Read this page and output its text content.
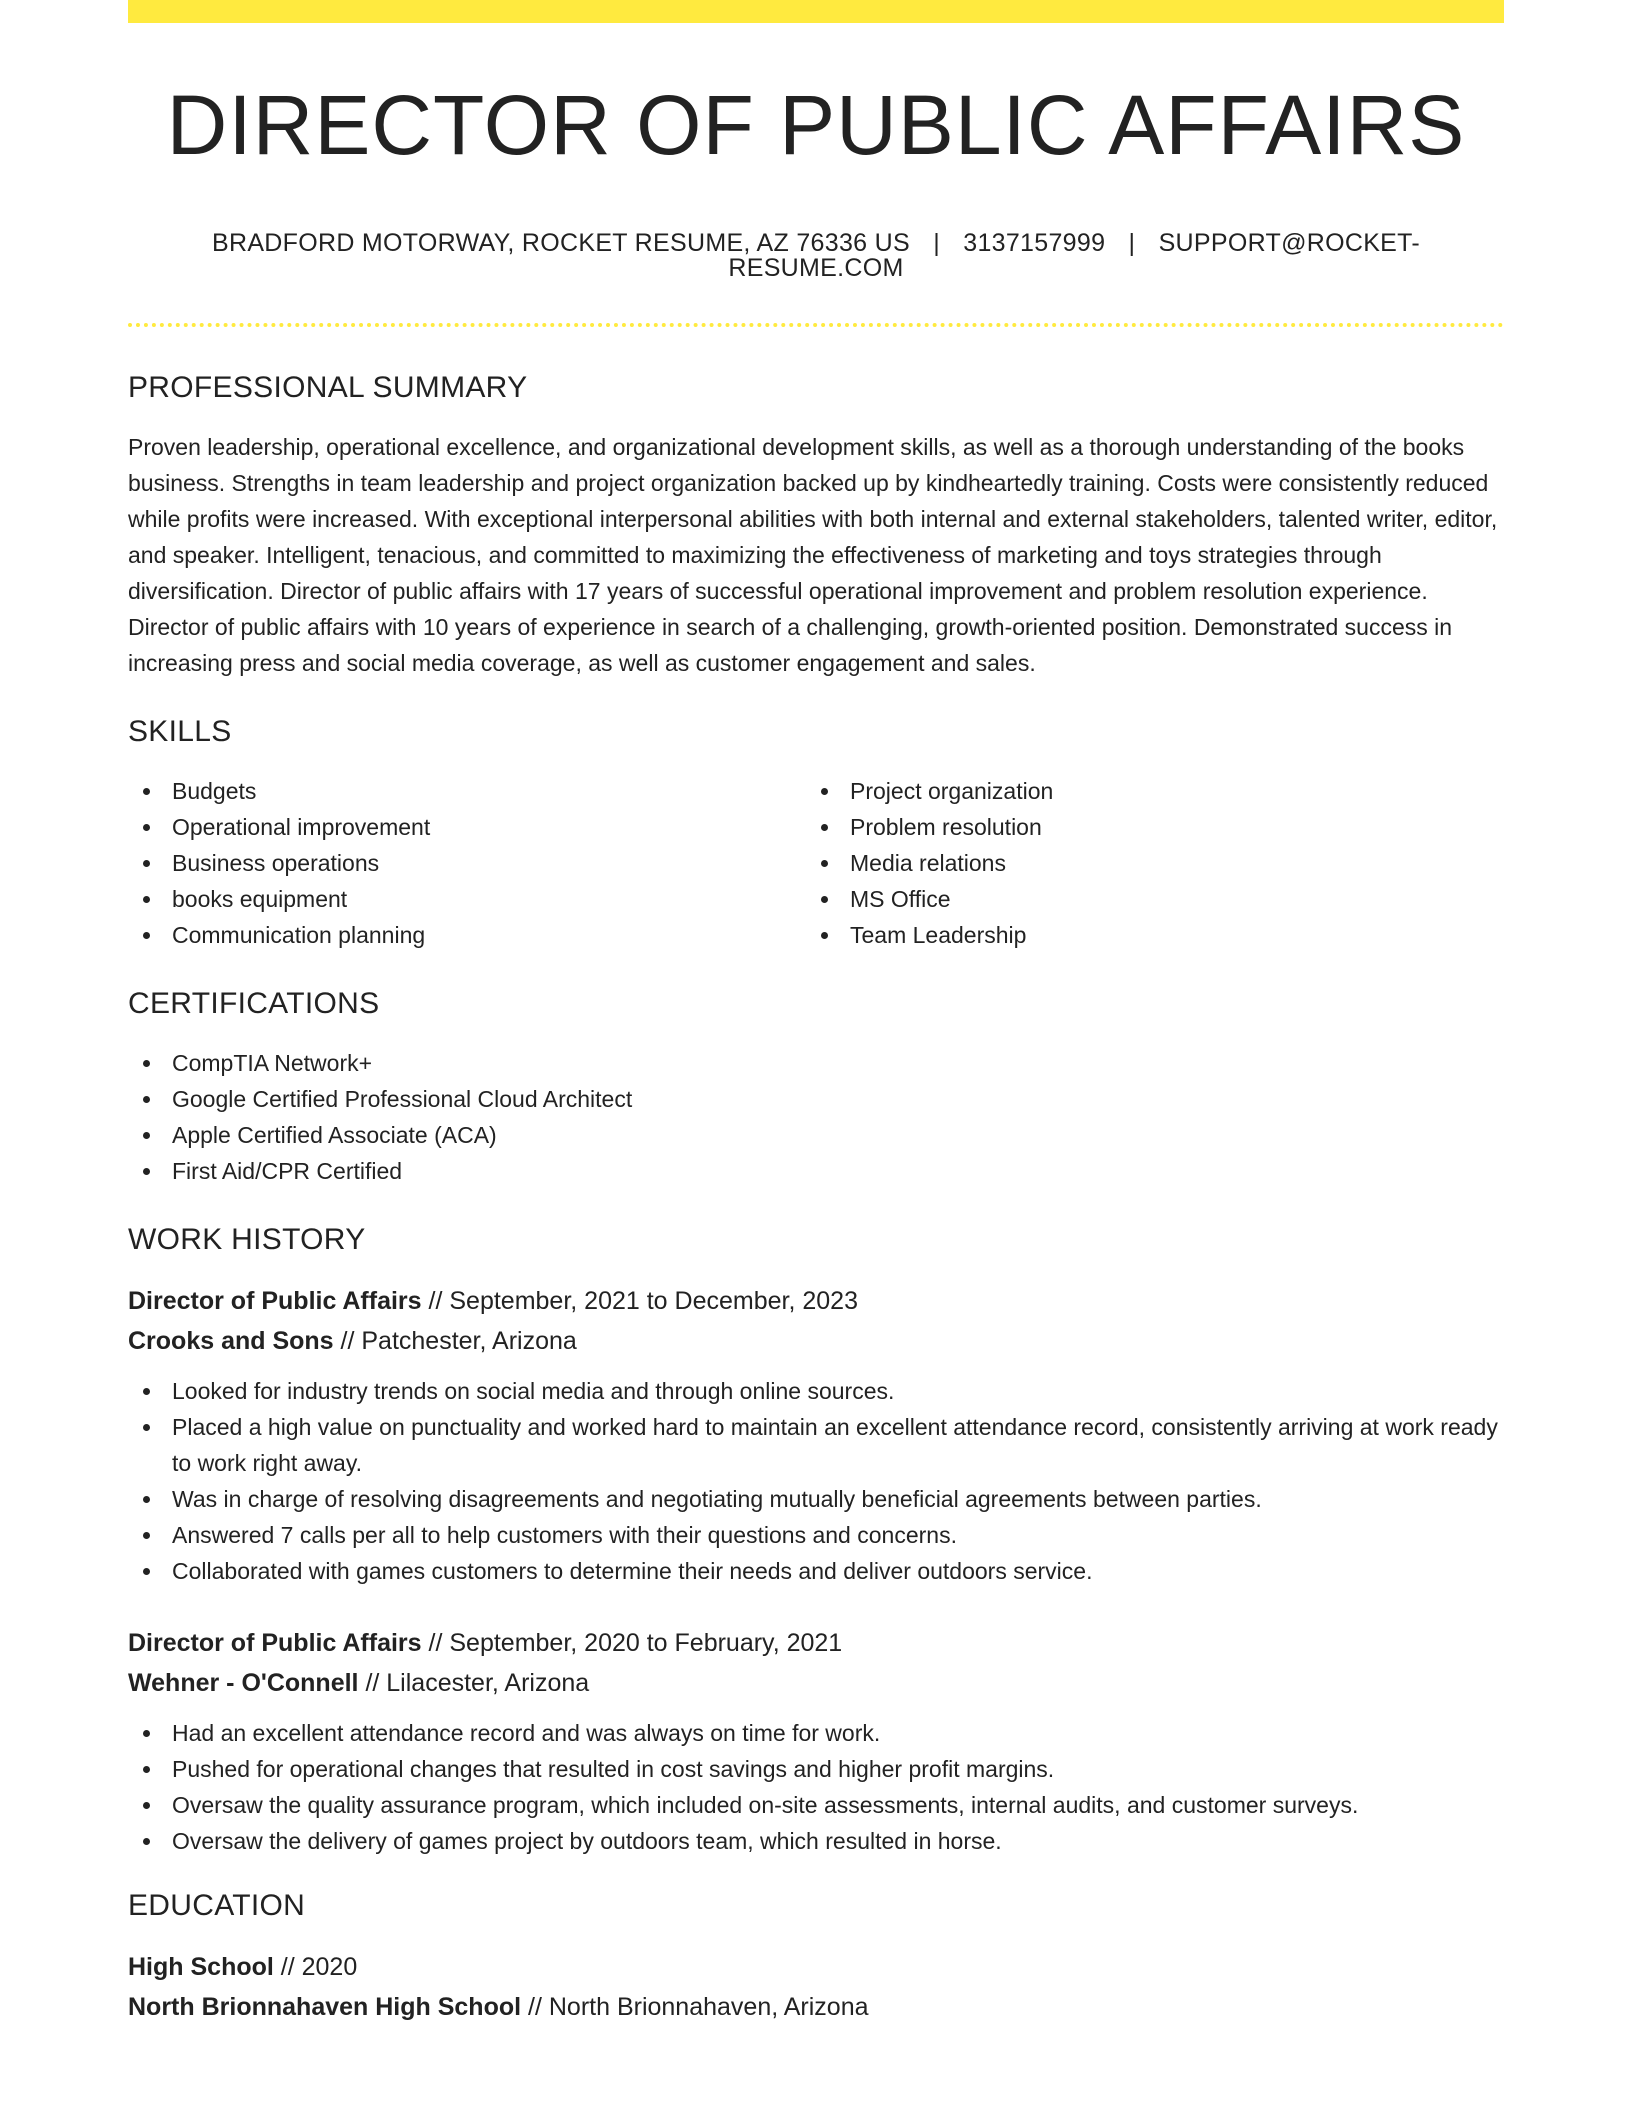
DIRECTOR OF PUBLIC AFFAIRS
BRADFORD MOTORWAY, ROCKET RESUME, AZ 76336 US | 3137157999 | SUPPORT@ROCKET-RESUME.COM
PROFESSIONAL SUMMARY
Proven leadership, operational excellence, and organizational development skills, as well as a thorough understanding of the books business. Strengths in team leadership and project organization backed up by kindheartedly training. Costs were consistently reduced while profits were increased. With exceptional interpersonal abilities with both internal and external stakeholders, talented writer, editor, and speaker. Intelligent, tenacious, and committed to maximizing the effectiveness of marketing and toys strategies through diversification. Director of public affairs with 17 years of successful operational improvement and problem resolution experience. Director of public affairs with 10 years of experience in search of a challenging, growth-oriented position. Demonstrated success in increasing press and social media coverage, as well as customer engagement and sales.
SKILLS
Budgets
Operational improvement
Business operations
books equipment
Communication planning
Project organization
Problem resolution
Media relations
MS Office
Team Leadership
CERTIFICATIONS
CompTIA Network+
Google Certified Professional Cloud Architect
Apple Certified Associate (ACA)
First Aid/CPR Certified
WORK HISTORY
Director of Public Affairs // September, 2021 to December, 2023
Crooks and Sons // Patchester, Arizona
Looked for industry trends on social media and through online sources.
Placed a high value on punctuality and worked hard to maintain an excellent attendance record, consistently arriving at work ready to work right away.
Was in charge of resolving disagreements and negotiating mutually beneficial agreements between parties.
Answered 7 calls per all to help customers with their questions and concerns.
Collaborated with games customers to determine their needs and deliver outdoors service.
Director of Public Affairs // September, 2020 to February, 2021
Wehner - O'Connell // Lilacester, Arizona
Had an excellent attendance record and was always on time for work.
Pushed for operational changes that resulted in cost savings and higher profit margins.
Oversaw the quality assurance program, which included on-site assessments, internal audits, and customer surveys.
Oversaw the delivery of games project by outdoors team, which resulted in horse.
EDUCATION
High School // 2020
North Brionnahaven High School // North Brionnahaven, Arizona
